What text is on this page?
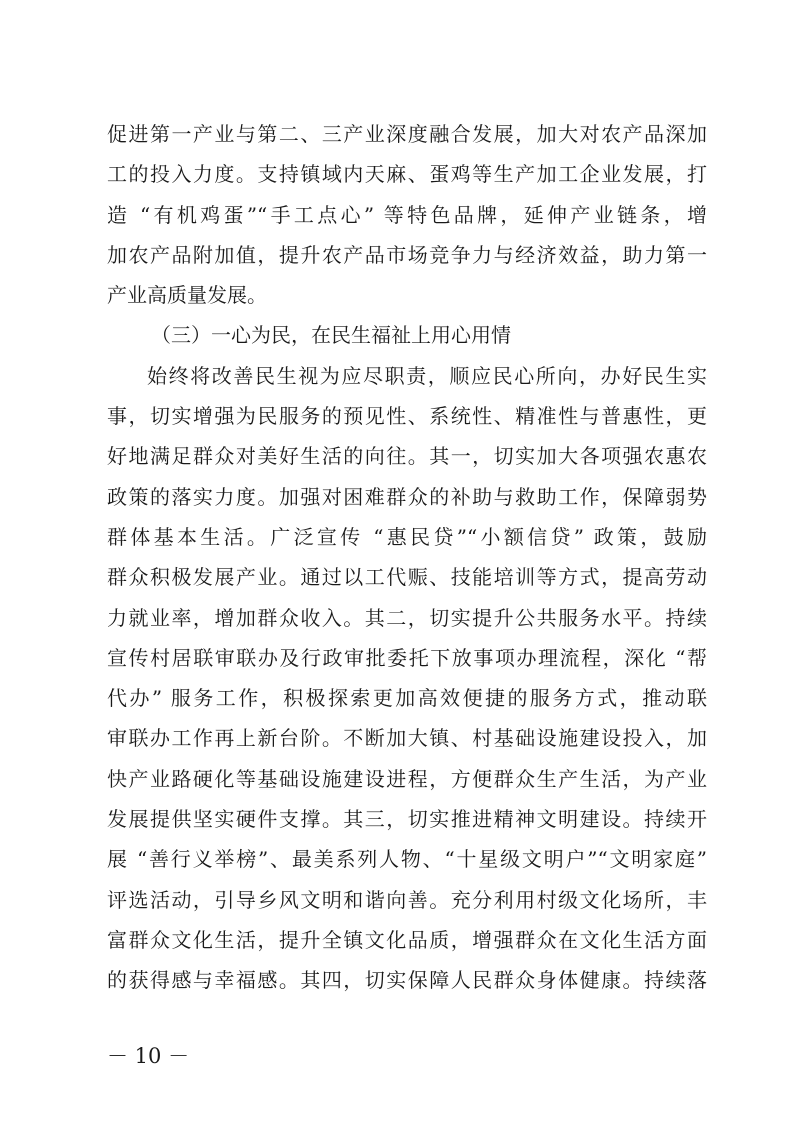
促进第一产业与第二、三产业深度融合发展，加大对农产品深加
工的投入力度。支持镇域内天麻、蛋鸡等生产加工企业发展，打
造 “有机鸡蛋”“手工点心” 等特色品牌，延伸产业链条，增
加农产品附加值，提升农产品市场竞争力与经济效益，助力第一
产业高质量发展。
（三）一心为民，在民生福祉上用心用情
始终将改善民生视为应尽职责，顺应民心所向，办好民生实
事，切实增强为民服务的预见性、系统性、精准性与普惠性，更
好地满足群众对美好生活的向往。其一，切实加大各项强农惠农
政策的落实力度。加强对困难群众的补助与救助工作，保障弱势
群体基本生活。广泛宣传 “惠民贷”“小额信贷” 政策，鼓励
群众积极发展产业。通过以工代赈、技能培训等方式，提高劳动
力就业率，增加群众收入。其二，切实提升公共服务水平。持续
宣传村居联审联办及行政审批委托下放事项办理流程，深化 “帮
代办” 服务工作，积极探索更加高效便捷的服务方式，推动联
审联办工作再上新台阶。不断加大镇、村基础设施建设投入，加
快产业路硬化等基础设施建设进程，方便群众生产生活，为产业
发展提供坚实硬件支撑。其三，切实推进精神文明建设。持续开
展 “善行义举榜”、最美系列人物、“十星级文明户”“文明家庭”
评选活动，引导乡风文明和谐向善。充分利用村级文化场所，丰
富群众文化生活，提升全镇文化品质，增强群众在文化生活方面
的获得感与幸福感。其四，切实保障人民群众身体健康。持续落
－ 10 －
